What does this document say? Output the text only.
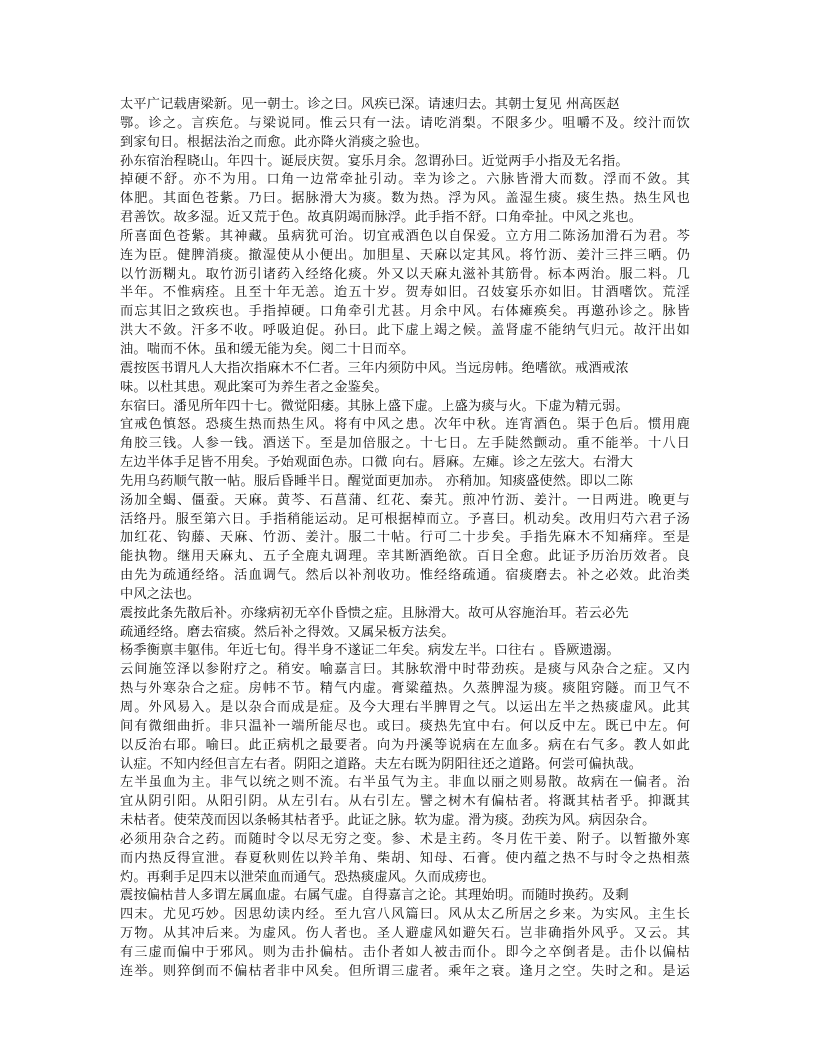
太平广记载唐梁新。见一朝士。诊之曰。风疾已深。请速归去。其朝士复见 州高医赵
鄂。诊之。言疾危。与梁说同。惟云只有一法。请吃消梨。不限多少。咀嚼不及。绞汁而饮
到家旬日。根据法治之而愈。此亦降火消痰之验也。
孙东宿治程晓山。年四十。诞辰庆贺。宴乐月余。忽谓孙曰。近觉两手小指及无名指。
掉硬不舒。亦不为用。口角一边常牵扯引动。幸为诊之。六脉皆滑大而数。浮而不敛。其
体肥。其面色苍紫。乃曰。据脉滑大为痰。数为热。浮为风。盖湿生痰。痰生热。热生风也
君善饮。故多湿。近又荒于色。故真阴竭而脉浮。此手指不舒。口角牵扯。中风之兆也。
所喜面色苍紫。其神藏。虽病犹可治。切宜戒酒色以自保爱。立方用二陈汤加滑石为君。芩
连为臣。健脾消痰。撤湿使从小便出。加胆星、天麻以定其风。将竹沥、姜汁三拌三晒。仍
以竹沥糊丸。取竹沥引诸药入经络化痰。外又以天麻丸滋补其筋骨。标本两治。服二料。几
半年。不惟病痊。且至十年无恙。迨五十岁。贺寿如旧。召妓宴乐亦如旧。甘酒嗜饮。荒淫
而忘其旧之致疾也。手指掉硬。口角牵引尤甚。月余中风。右体瘫痪矣。再邀孙诊之。脉皆
洪大不敛。汗多不收。呼吸迫促。孙曰。此下虚上竭之候。盖肾虚不能纳气归元。故汗出如
油。喘而不休。虽和缓无能为矣。阅二十日而卒。
震按医书谓凡人大指次指麻木不仁者。三年内须防中风。当远房帏。绝嗜欲。戒酒戒浓
味。以杜其患。观此案可为养生者之金鉴矣。
东宿曰。潘见所年四十七。微觉阳痿。其脉上盛下虚。上盛为痰与火。下虚为精元弱。
宜戒色慎怒。恐痰生热而热生风。将有中风之患。次年中秋。连宵酒色。渠于色后。惯用鹿
角胶三钱。人参一钱。酒送下。至是加倍服之。十七日。左手陡然颤动。重不能举。十八日
左边半体手足皆不用矣。予始观面色赤。口微 向右。唇麻。左瘫。诊之左弦大。右滑大
先用乌药顺气散一帖。服后昏睡半日。醒觉面更加赤。 亦稍加。知痰盛使然。即以二陈
汤加全蝎、僵蚕。天麻。黄芩、石菖蒲、红花、秦艽。煎冲竹沥、姜汁。一日两进。晚更与
活络丹。服至第六日。手指稍能运动。足可根据棹而立。予喜曰。机动矣。改用归芍六君子汤
加红花、钩藤、天麻、竹沥、姜汁。服二十帖。行可二十步矣。手指先麻木不知痛痒。至是
能执物。继用天麻丸、五子全鹿丸调理。幸其断酒绝欲。百日全愈。此证予历治历效者。良
由先为疏通经络。活血调气。然后以补剂收功。惟经络疏通。宿痰磨去。补之必效。此治类
中风之法也。
震按此条先散后补。亦缘病初无卒仆昏愦之症。且脉滑大。故可从容施治耳。若云必先
疏通经络。磨去宿痰。然后补之得效。又属呆板方法矣。
杨季衡禀丰躯伟。年近七旬。得半身不遂证二年矣。病发左半。口往右 。昏厥遗溺。
云间施笠泽以参附疗之。稍安。喻嘉言曰。其脉软滑中时带劲疾。是痰与风杂合之症。又内
热与外寒杂合之症。房帏不节。精气内虚。膏粱蕴热。久蒸脾湿为痰。痰阻窍隧。而卫气不
周。外风易入。是以杂合而成是症。及今大理右半脾胃之气。以运出左半之热痰虚风。此其
间有微细曲折。非只温补一端所能尽也。或曰。痰热先宜中右。何以反中左。既已中左。何
以反治右耶。喻曰。此正病机之最要者。向为丹溪等说病在左血多。病在右气多。教人如此
认症。不知内经但言左右者。阴阳之道路。夫左右既为阴阳往还之道路。何尝可偏执哉。
左半虽血为主。非气以统之则不流。右半虽气为主。非血以丽之则易散。故病在一偏者。治
宜从阴引阳。从阳引阴。从左引右。从右引左。譬之树木有偏枯者。将溉其枯者乎。抑溉其
未枯者。使荣茂而因以条畅其枯者乎。此证之脉。软为虚。滑为痰。劲疾为风。病因杂合。
必须用杂合之药。而随时令以尽无穷之变。参、术是主药。冬月佐干姜、附子。以暂撤外寒
而内热反得宣泄。春夏秋则佐以羚羊角、柴胡、知母、石膏。使内蕴之热不与时令之热相蒸
灼。再剩手足四末以泄荣血而通气。恐热痰虚风。久而成痨也。
震按偏枯昔人多谓左属血虚。右属气虚。自得嘉言之论。其理始明。而随时换药。及剩
四末。尤见巧妙。因思幼读内经。至九宫八风篇曰。风从太乙所居之乡来。为实风。主生长
万物。从其冲后来。为虚风。伤人者也。圣人避虚风如避矢石。岂非确指外风乎。又云。其
有三虚而偏中于邪风。则为击扑偏枯。击仆者如人被击而仆。即今之卒倒者是。击仆以偏枯
连举。则猝倒而不偏枯者非中风矣。但所谓三虚者。乘年之衰。逢月之空。失时之和。是运
